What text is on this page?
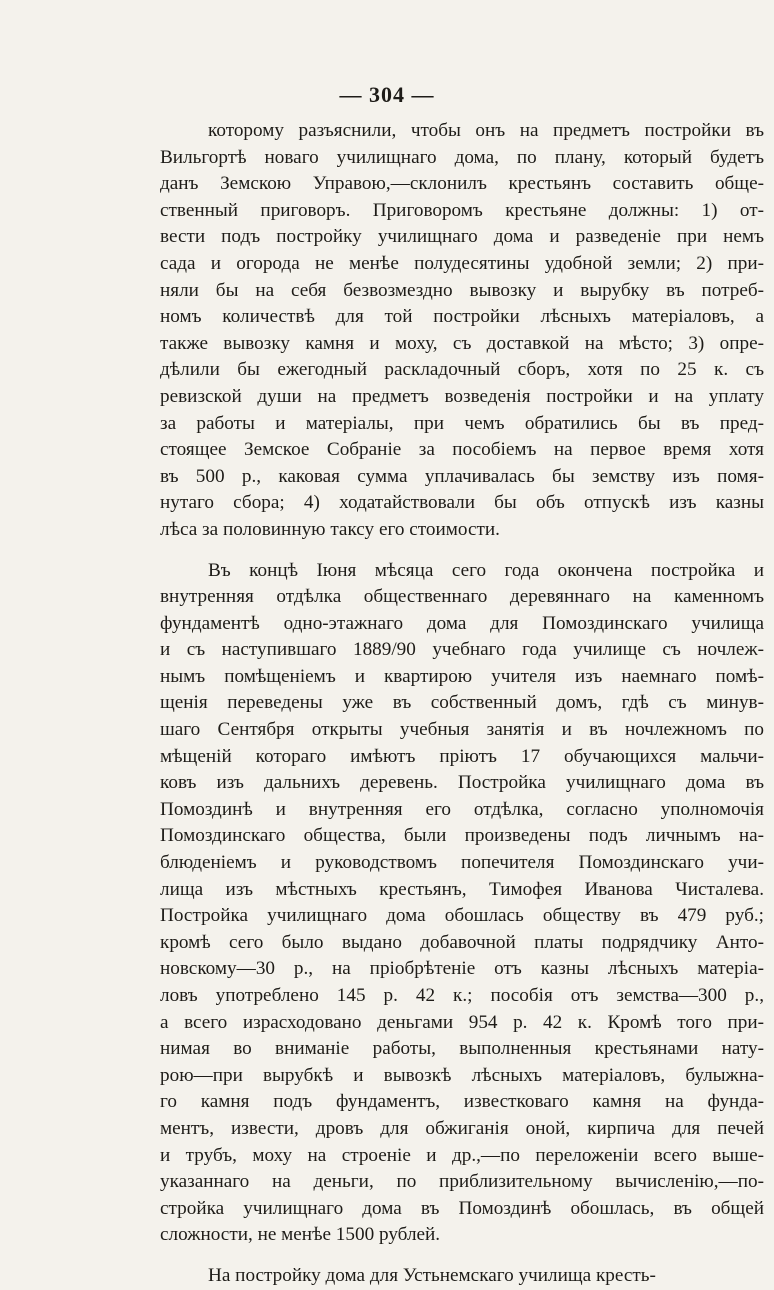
— 304 —
которому разъяснили, чтобы онъ на предметъ постройки въ
Вильгортѣ новаго училищнаго дома, по плану, который будетъ
данъ Земскою Управою,—склонилъ крестьянъ составить обще-
ственный приговоръ. Приговоромъ крестьяне должны: 1) от-
вести подъ постройку училищнаго дома и разведеніе при немъ
сада и огорода не менѣе полудесятины удобной земли; 2) при-
няли бы на себя безвозмездно вывозку и вырубку въ потреб-
номъ количествѣ для той постройки лѣсныхъ матеріаловъ, а
также вывозку камня и моху, съ доставкой на мѣсто; 3) опре-
дѣлили бы ежегодный раскладочный сборъ, хотя по 25 к. съ
ревизской души на предметъ возведенія постройки и на уплату
за работы и матеріалы, при чемъ обратились бы въ пред-
стоящее Земское Собраніе за пособіемъ на первое время хотя
въ 500 р., каковая сумма уплачивалась бы земству изъ помя-
нутаго сбора; 4) ходатайствовали бы объ отпускѣ изъ казны
лѣса за половинную таксу его стоимости.
Въ концѣ Іюня мѣсяца сего года окончена постройка и
внутренняя отдѣлка общественнаго деревяннаго на каменномъ
фундаментѣ одно-этажнаго дома для Помоздинскаго училища
и съ наступившаго 1889/90 учебнаго года училище съ ночлеж-
нымъ помѣщеніемъ и квартирою учителя изъ наемнаго помѣ-
щенія переведены уже въ собственный домъ, гдѣ съ минув-
шаго Сентября открыты учебныя занятія и въ ночлежномъ по
мѣщеній котораго имѣютъ пріютъ 17 обучающихся мальчи-
ковъ изъ дальнихъ деревень. Постройка училищнаго дома въ
Помоздинѣ и внутренняя его отдѣлка, согласно уполномочія
Помоздинскаго общества, были произведены подъ личнымъ на-
блюденіемъ и руководствомъ попечителя Помоздинскаго учи-
лища изъ мѣстныхъ крестьянъ, Тимофея Иванова Чисталева.
Постройка училищнаго дома обошлась обществу въ 479 руб.;
кромѣ сего было выдано добавочной платы подрядчику Анто-
новскому—30 р., на пріобрѣтеніе отъ казны лѣсныхъ матеріа-
ловъ употреблено 145 р. 42 к.; пособія отъ земства—300 р.,
а всего израсходовано деньгами 954 р. 42 к. Кромѣ того при-
нимая во вниманіе работы, выполненныя крестьянами нату-
рою—при вырубкѣ и вывозкѣ лѣсныхъ матеріаловъ, булыжна-
го камня подъ фундаментъ, известковаго камня на фунда-
ментъ, извести, дровъ для обжиганія оной, кирпича для печей
и трубъ, моху на строеніе и др.,—по переложеніи всего выше-
указаннаго на деньги, по приблизительному вычисленію,—по-
стройка училищнаго дома въ Помоздинѣ обошлась, въ общей
сложности, не менѣе 1500 рублей.
На постройку дома для Устьнемскаго училища кресть-
